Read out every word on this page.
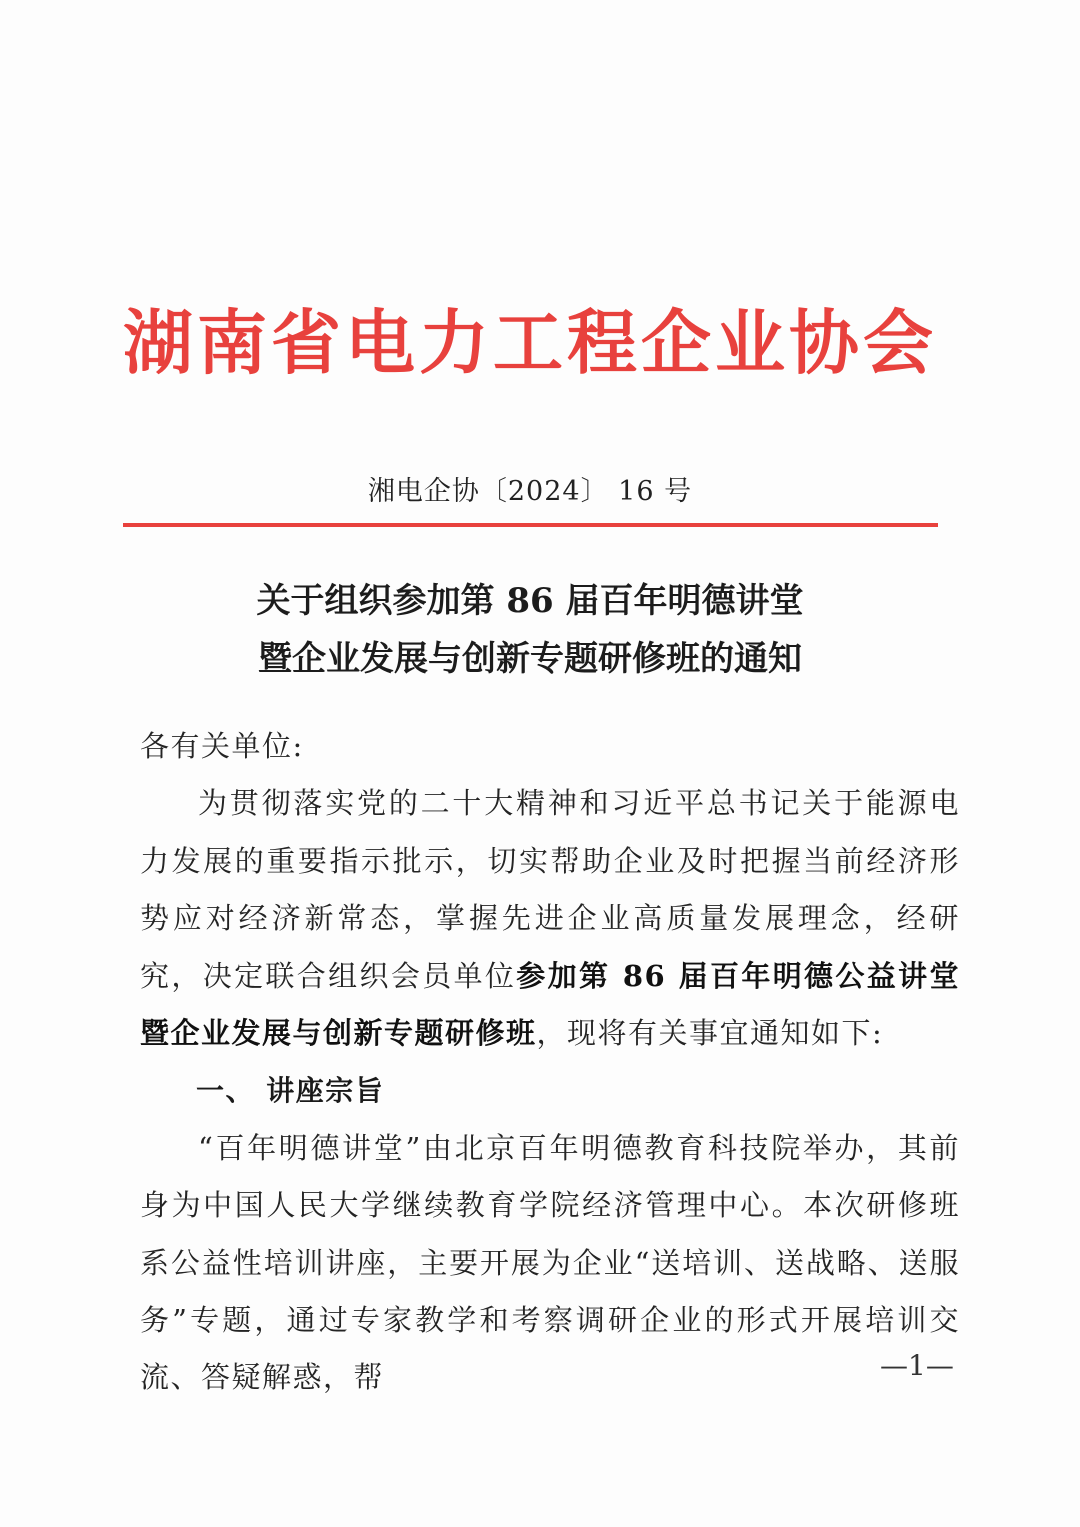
湖南省电力工程企业协会
湘电企协〔2024〕 16 号
关于组织参加第 86 届百年明德讲堂
暨企业发展与创新专题研修班的通知
各有关单位:

为贯彻落实党的二十大精神和习近平总书记关于能源电力发展的重要指示批示，切实帮助企业及时把握当前经济形势应对经济新常态，掌握先进企业高质量发展理念，经研究，决定联合组织会员单位参加第 86 届百年明德公益讲堂暨企业发展与创新专题研修班，现将有关事宜通知如下:

一、 讲座宗旨

“百年明德讲堂”由北京百年明德教育科技院举办，其前身为中国人民大学继续教育学院经济管理中心。本次研修班系公益性培训讲座，主要开展为企业“送培训、送战略、送服务”专题，通过专家教学和考察调研企业的形式开展培训交流、答疑解惑，帮	—1—
